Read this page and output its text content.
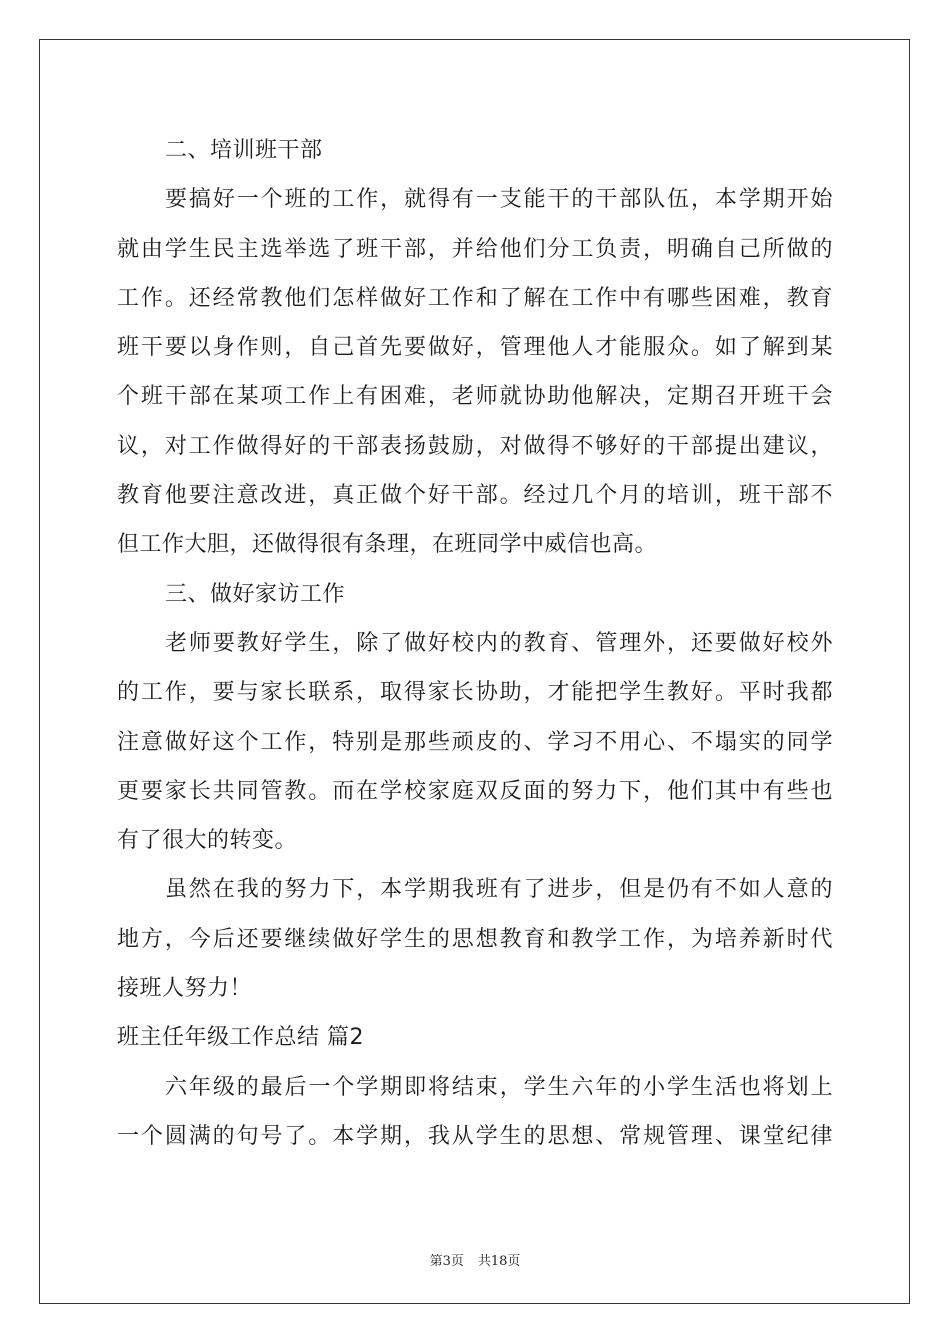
二、培训班干部
要搞好一个班的工作，就得有一支能干的干部队伍，本学期开始
就由学生民主选举选了班干部，并给他们分工负责，明确自己所做的
工作。还经常教他们怎样做好工作和了解在工作中有哪些困难，教育
班干要以身作则，自己首先要做好，管理他人才能服众。如了解到某
个班干部在某项工作上有困难，老师就协助他解决，定期召开班干会
议，对工作做得好的干部表扬鼓励，对做得不够好的干部提出建议，
教育他要注意改进，真正做个好干部。经过几个月的培训，班干部不
但工作大胆，还做得很有条理，在班同学中威信也高。
三、做好家访工作
老师要教好学生，除了做好校内的教育、管理外，还要做好校外
的工作，要与家长联系，取得家长协助，才能把学生教好。平时我都
注意做好这个工作，特别是那些顽皮的、学习不用心、不塌实的同学
更要家长共同管教。而在学校家庭双反面的努力下，他们其中有些也
有了很大的转变。
虽然在我的努力下，本学期我班有了进步，但是仍有不如人意的
地方，今后还要继续做好学生的思想教育和教学工作，为培养新时代
接班人努力！
班主任年级工作总结 篇2
六年级的最后一个学期即将结束，学生六年的小学生活也将划上
一个圆满的句号了。本学期，我从学生的思想、常规管理、课堂纪律
第3页 共18页
